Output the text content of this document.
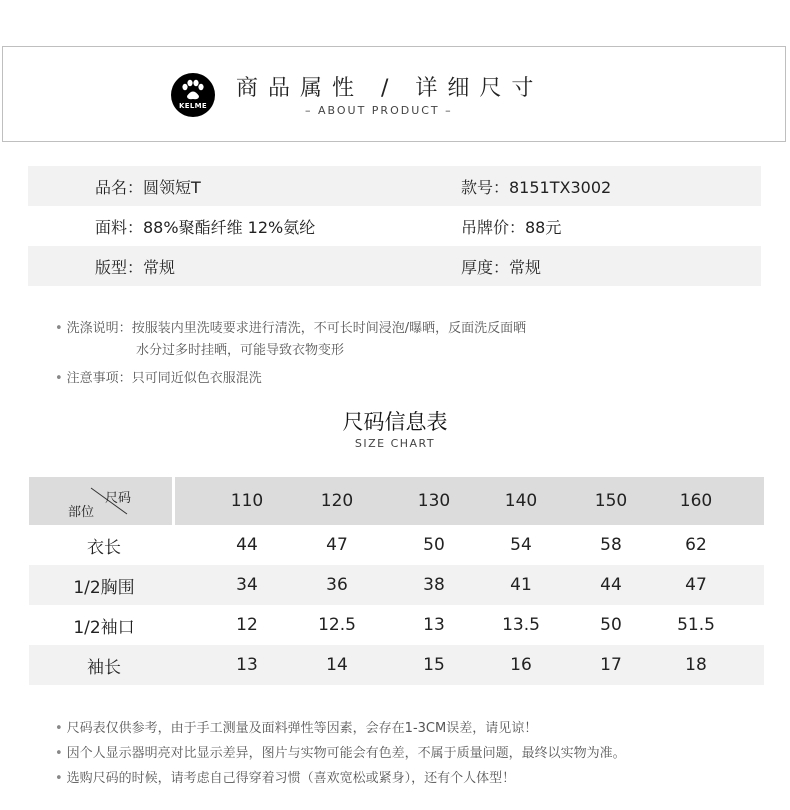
KELME
商品属性 / 详细尺寸
– ABOUT PRODUCT –
品名：圆领短T	款号：8151TX3002
面料：88%聚酯纤维 12%氨纶	吊牌价：88元
版型：常规	厚度：常规
• 洗涤说明：按服装内里洗唛要求进行清洗，不可长时间浸泡/曝晒，反面洗反面晒
水分过多时挂晒，可能导致衣物变形
• 注意事项：只可同近似色衣服混洗
尺码信息表
SIZE CHART
尺码
部位
110	120	130	140	150	160
衣长	44	47	50	54	58	62
1/2胸围	34	36	38	41	44	47
1/2袖口	12	12.5	13	13.5	50	51.5
袖长	13	14	15	16	17	18
• 尺码表仅供参考，由于手工测量及面料弹性等因素，会存在1-3CM误差，请见谅！
• 因个人显示器明亮对比显示差异，图片与实物可能会有色差，不属于质量问题，最终以实物为准。
• 选购尺码的时候，请考虑自己得穿着习惯（喜欢宽松或紧身），还有个人体型！
